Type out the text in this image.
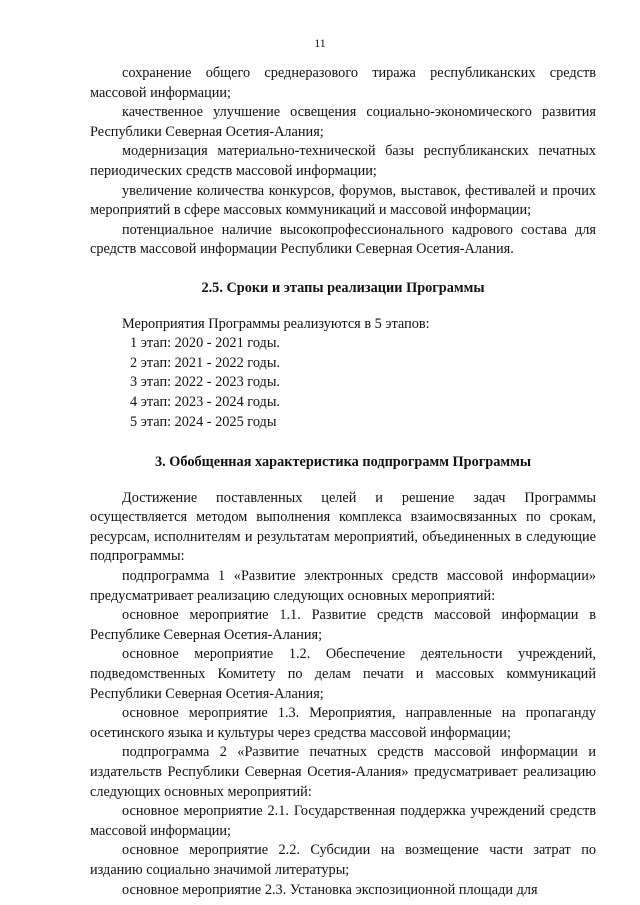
11

сохранение общего среднеразового тиража республиканских средств массовой информации;

качественное улучшение освещения социально-экономического развития Республики Северная Осетия-Алания;

модернизация материально-технической базы республиканских печатных периодических средств массовой информации;

увеличение количества конкурсов, форумов, выставок, фестивалей и прочих мероприятий в сфере массовых коммуникаций и массовой информации;

потенциальное наличие высокопрофессионального кадрового состава для средств массовой информации Республики Северная Осетия-Алания.

2.5. Сроки и этапы реализации Программы

Мероприятия Программы реализуются в 5 этапов:

1 этап: 2020 - 2021 годы.

2 этап: 2021 - 2022 годы.

3 этап: 2022 - 2023 годы.

4 этап: 2023 - 2024 годы.

5 этап: 2024 - 2025 годы

3. Обобщенная характеристика подпрограмм Программы

Достижение поставленных целей и решение задач Программы осуществляется методом выполнения комплекса взаимосвязанных по срокам, ресурсам, исполнителям и результатам мероприятий, объединенных в следующие подпрограммы:

подпрограмма 1 «Развитие электронных средств массовой информации» предусматривает реализацию следующих основных мероприятий:

основное мероприятие 1.1. Развитие средств массовой информации в Республике Северная Осетия-Алания;

основное мероприятие 1.2. Обеспечение деятельности учреждений, подведомственных Комитету по делам печати и массовых коммуникаций Республики Северная Осетия-Алания;

основное мероприятие 1.3. Мероприятия, направленные на пропаганду осетинского языка и культуры через средства массовой информации;

подпрограмма 2 «Развитие печатных средств массовой информации и издательств Республики Северная Осетия-Алания» предусматривает реализацию следующих основных мероприятий:

основное мероприятие 2.1. Государственная поддержка учреждений средств массовой информации;

основное мероприятие 2.2. Субсидии на возмещение части затрат по изданию социально значимой литературы;

основное мероприятие 2.3. Установка экспозиционной площади для
